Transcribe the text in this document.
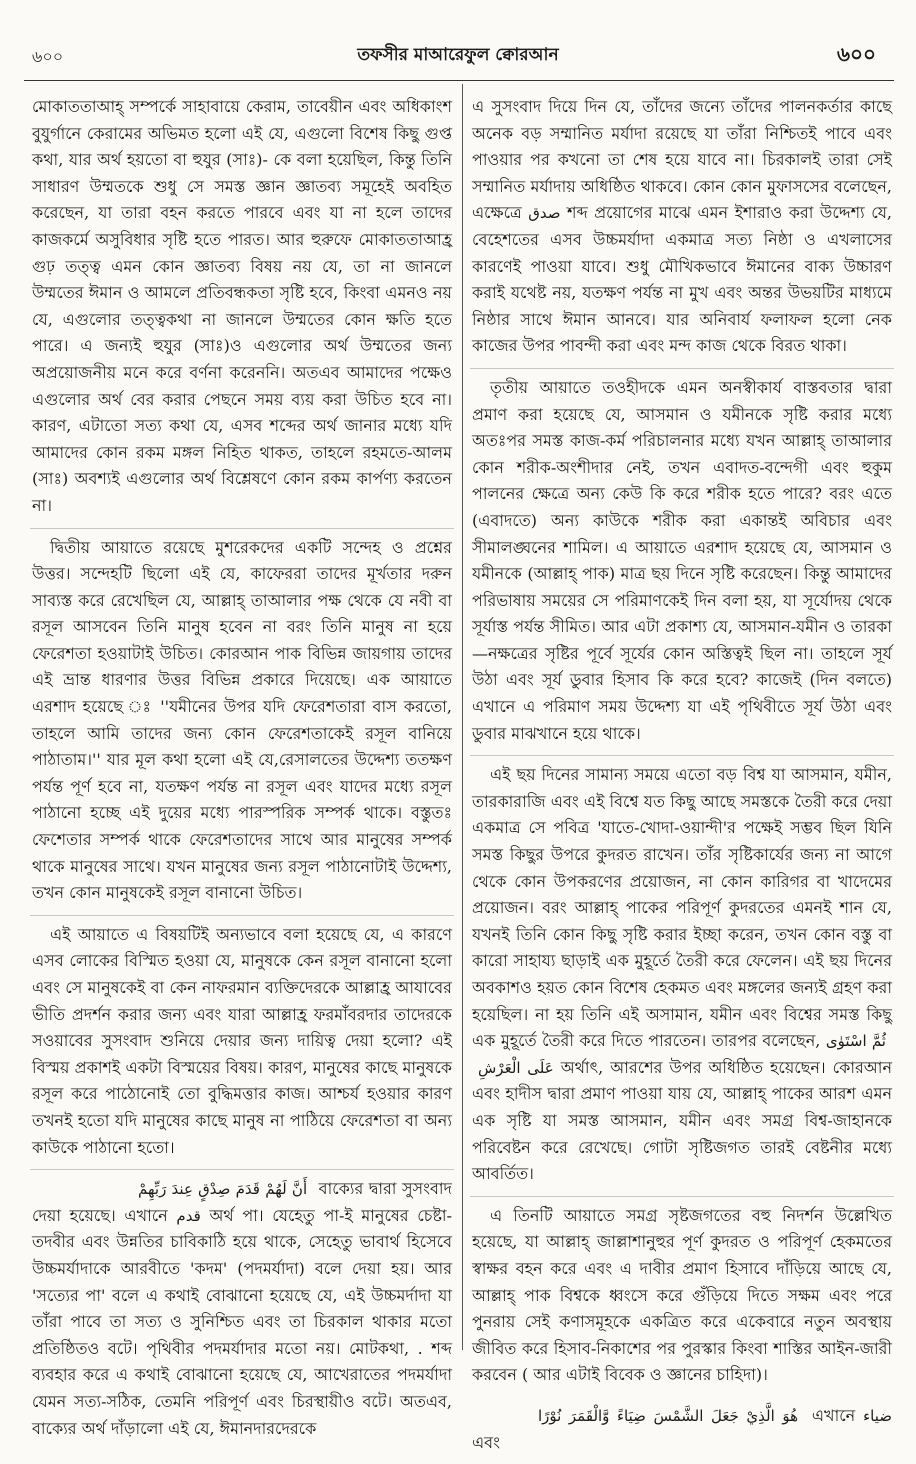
৬০০	তফসীর মাআরেফুল ক্বোরআন	৬০০

মোকাততাআহ্ সম্পর্কে সাহাবায়ে কেরাম, তাবেয়ীন এবং অধিকাংশ বুযুর্গানে কেরামের অভিমত হলো এই যে, এগুলো বিশেষ কিছু গুপ্ত কথা, যার অর্থ হয়তো বা হুযুর (সাঃ)- কে বলা হয়েছিল, কিন্তু তিনি সাধারণ উম্মতকে শুধু সে সমস্ত জ্ঞান জ্ঞাতব্য সমূহেই অবহিত করেছেন, যা তারা বহন করতে পারবে এবং যা না হলে তাদের কাজকর্মে অসুবিধার সৃষ্টি হতে পারত। আর হুরুফে মোকাততাআহ্র গুঢ় তত্ত্ব এমন কোন জ্ঞাতব্য বিষয় নয় যে, তা না জানলে উম্মতের ঈমান ও আমলে প্রতিবন্ধকতা সৃষ্টি হবে, কিংবা এমনও নয় যে, এগুলোর তত্ত্বকথা না জানলে উম্মতের কোন ক্ষতি হতে পারে। এ জন্যই হুযুর (সাঃ)ও এগুলোর অর্থ উম্মতের জন্য অপ্রয়োজনীয় মনে করে বর্ণনা করেননি। অতএব আমাদের পক্ষেও এগুলোর অর্থ বের করার পেছনে সময় ব্যয় করা উচিত হবে না। কারণ, এটাতো সত্য কথা যে, এসব শব্দের অর্থ জানার মধ্যে যদি আমাদের কোন রকম মঙ্গল নিহিত থাকত, তাহলে রহমতে-আলম (সাঃ) অবশ্যই এগুলোর অর্থ বিশ্লেষণে কোন রকম কার্পণ্য করতেন না।

দ্বিতীয় আয়াতে রয়েছে মুশরেকদের একটি সন্দেহ ও প্রশ্নের উত্তর। সন্দেহটি ছিলো এই যে, কাফেররা তাদের মূর্খতার দরুন সাব্যস্ত করে রেখেছিল যে, আল্লাহ্ তাআলার পক্ষ থেকে যে নবী বা রসূল আসবেন তিনি মানুষ হবেন না বরং তিনি মানুষ না হয়ে ফেরেশতা হওয়াটাই উচিত। কোরআন পাক বিভিন্ন জায়গায় তাদের এই ভ্রান্ত ধারণার উত্তর বিভিন্ন প্রকারে দিয়েছে। এক আয়াতে এরশাদ হয়েছে ঃ ''যমীনের উপর যদি ফেরেশতারা বাস করতো, তাহলে আমি তাদের জন্য কোন ফেরেশতাকেই রসূল বানিয়ে পাঠাতাম।'' যার মূল কথা হলো এই যে,রেসালতের উদ্দেশ্য ততক্ষণ পর্যন্ত পূর্ণ হবে না, যতক্ষণ পর্যন্ত না রসূল এবং যাদের মধ্যে রসূল পাঠানো হচ্ছে এই দুয়ের মধ্যে পারস্পরিক সম্পর্ক থাকে। বস্তুতঃ ফেশেতার সম্পর্ক থাকে ফেরেশতাদের সাথে আর মানুষের সম্পর্ক থাকে মানুষের সাথে। যখন মানুষের জন্য রসূল পাঠানোটাই উদ্দেশ্য, তখন কোন মানুষকেই রসূল বানানো উচিত।

এই আয়াতে এ বিষয়টিই অন্যভাবে বলা হয়েছে যে, এ কারণে এসব লোকের বিস্মিত হওয়া যে, মানুষকে কেন রসূল বানানো হলো এবং সে মানুষকেই বা কেন নাফরমান ব্যক্তিদেরকে আল্লাহ্র আযাবের ভীতি প্রদর্শন করার জন্য এবং যারা আল্লাহ্র ফরমাঁবরদার তাদেরকে সওয়াবের সুসংবাদ শুনিয়ে দেয়ার জন্য দায়িত্ব দেয়া হলো? এই বিস্ময় প্রকাশই একটা বিস্ময়ের বিষয়। কারণ, মানুষের কাছে মানুষকে রসূল করে পাঠোনোই তো বুদ্ধিমত্তার কাজ। আশ্চর্য হওয়ার কারণ তখনই হতো যদি মানুষের কাছে মানুষ না পাঠিয়ে ফেরেশতা বা অন্য কাউকে পাঠানো হতো।

أَنَّ لَهُمْ قَدَمَ صِدْقٍ عِندَ رَبِّهِمْ বাক্যের দ্বারা সুসংবাদ দেয়া হয়েছে। এখানে قدم অর্থ পা। যেহেতু পা-ই মানুষের চেষ্টা-তদবীর এবং উন্নতির চাবিকাঠি হয়ে থাকে, সেহেতু ভাবার্থ হিসেবে উচ্চমর্যাদাকে আরবীতে 'কদম' (পদমর্যাদা) বলে দেয়া হয়। আর 'সত্যের পা' বলে এ কথাই বোঝানো হয়েছে যে, এই উচ্চমর্দাদা যা তাঁরা পাবে তা সত্য ও সুনিশ্চিত এবং তা চিরকাল থাকার মতো প্রতিষ্ঠিতও বটে। পৃথিবীর পদমর্যাদার মতো নয়। মোটকথা, . শব্দ ব্যবহার করে এ কথাই বোঝানো হয়েছে যে, আখেরাতের পদমর্যাদা যেমন সত্য-সঠিক, তেমনি পরিপূর্ণ এবং চিরস্থায়ীও বটে। অতএব, বাক্যের অর্থ দাঁড়ালো এই যে, ঈমানদারদেরকে

এ সুসংবাদ দিয়ে দিন যে, তাঁদের জন্যে তাঁদের পালনকর্তার কাছে অনেক বড় সম্মানিত মর্যাদা রয়েছে যা তাঁরা নিশ্চিতই পাবে এবং পাওয়ার পর কখনো তা শেষ হয়ে যাবে না। চিরকালই তারা সেই সম্মানিত মর্যাদায় অধিষ্ঠিত থাকবে। কোন কোন মুফাসসের বলেছেন, এক্ষেত্রে صدق শব্দ প্রয়োগের মাঝে এমন ইশারাও করা উদ্দেশ্য যে, বেহেশতের এসব উচ্চমর্যাদা একমাত্র সত্য নিষ্ঠা ও এখলাসের কারণেই পাওয়া যাবে। শুধু মৌখিকভাবে ঈমানের বাক্য উচ্চারণ করাই যথেষ্ট নয়, যতক্ষণ পর্যন্ত না মুখ এবং অন্তর উভয়টির মাধ্যমে নিষ্ঠার সাথে ঈমান আনবে। যার অনিবার্য ফলাফল হলো নেক কাজের উপর পাবন্দী করা এবং মন্দ কাজ থেকে বিরত থাকা।

তৃতীয় আয়াতে তওহীদকে এমন অনস্বীকার্য বাস্তবতার দ্বারা প্রমাণ করা হয়েছে যে, আসমান ও যমীনকে সৃষ্টি করার মধ্যে অতঃপর সমস্ত কাজ-কর্ম পরিচালনার মধ্যে যখন আল্লাহ্ তাআলার কোন শরীক-অংশীদার নেই, তখন এবাদত-বন্দেগী এবং হুকুম পালনের ক্ষেত্রে অন্য কেউ কি করে শরীক হতে পারে? বরং এতে (এবাদতে) অন্য কাউকে শরীক করা একান্তই অবিচার এবং সীমালঙ্ঘনের শামিল। এ আয়াতে এরশাদ হয়েছে যে, আসমান ও যমীনকে (আল্লাহ্ পাক) মাত্র ছয় দিনে সৃষ্টি করেছেন। কিন্তু আমাদের পরিভাষায় সময়ের সে পরিমাণকেই দিন বলা হয়, যা সূর্যোদয় থেকে সূর্যাস্ত পর্যন্ত সীমিত। আর এটা প্রকাশ্য যে, আসমান-যমীন ও তারকা—নক্ষত্রের সৃষ্টির পূর্বে সূর্যের কোন অস্তিত্বই ছিল না। তাহলে সূর্য উঠা এবং সূর্য ডুবার হিসাব কি করে হবে? কাজেই (দিন বলতে) এখানে এ পরিমাণ সময় উদ্দেশ্য যা এই পৃথিবীতে সূর্য উঠা এবং ডুবার মাঝখানে হয়ে থাকে।

এই ছয় দিনের সামান্য সময়ে এতো বড় বিশ্ব যা আসমান, যমীন, তারকারাজি এবং এই বিশ্বে যত কিছু আছে সমস্তকে তৈরী করে দেয়া একমাত্র সে পবিত্র 'যাতে-খোদা-ওয়ান্দী'র পক্ষেই সম্ভব ছিল যিনি সমস্ত কিছুর উপরে কুদরত রাখেন। তাঁর সৃষ্টিকার্যের জন্য না আগে থেকে কোন উপকরণের প্রয়োজন, না কোন কারিগর বা খাদেমের প্রয়োজন। বরং আল্লাহ্ পাকের পরিপূর্ণ কুদরতের এমনই শান যে, যখনই তিনি কোন কিছু সৃষ্টি করার ইচ্ছা করেন, তখন কোন বস্তু বা কারো সাহায্য ছাড়াই এক মুহূর্তে তৈরী করে ফেলেন। এই ছয় দিনের অবকাশও হয়ত কোন বিশেষ হেকমত এবং মঙ্গলের জন্যই গ্রহণ করা হয়েছিল। না হয় তিনি এই অসামান, যমীন এবং বিশ্বের সমস্ত কিছু এক মুহূর্তে তৈরী করে দিতে পারতেন। তারপর বলেছেন, ثُمَّ اسْتَوٰى عَلَى الْعَرْشِ অর্থাৎ, আরশের উপর অধিষ্ঠিত হয়েছেন। কোরআন এবং হাদীস দ্বারা প্রমাণ পাওয়া যায় যে, আল্লাহ্ পাকের আরশ এমন এক সৃষ্টি যা সমস্ত আসমান, যমীন এবং সমগ্র বিশ্ব-জাহানকে পরিবেষ্টন করে রেখেছে। গোটা সৃষ্টিজগত তারই বেষ্টনীর মধ্যে আবর্তিত।

এ তিনটি আয়াতে সমগ্র সৃষ্টজগতের বহু নিদর্শন উল্লেখিত হয়েছে, যা আল্লাহ্ জাল্লাশানুহুর পূর্ণ কুদরত ও পরিপূর্ণ হেকমতের স্বাক্ষর বহন করে এবং এ দাবীর প্রমাণ হিসাবে দাঁড়িয়ে আছে যে, আল্লাহ্ পাক বিশ্বকে ধ্বংসে করে গুঁড়িয়ে দিতে সক্ষম এবং পরে পুনরায় সেই কণাসমূহকে একত্রিত করে একেবারে নতুন অবস্থায় জীবিত করে হিসাব-নিকাশের পর পুরস্কার কিংবা শাস্তির আইন-জারী করবেন ( আর এটাই বিবেক ও জ্ঞানের চাহিদা)।

هُوَ الَّذِيْ جَعَلَ الشَّمْسَ ضِيَاءً وَّالْقَمَرَ نُوْرًا এখানে ضياء এবং
